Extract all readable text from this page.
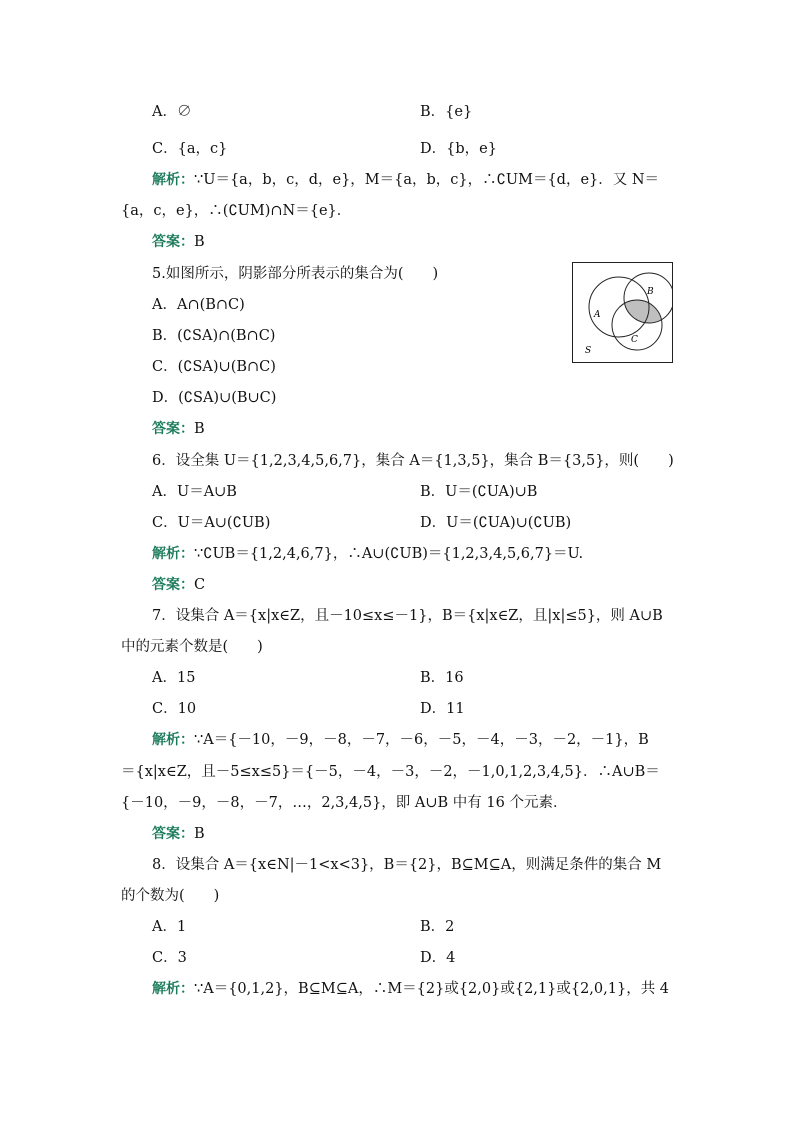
A．∅	B．{e}
C．{a，c}	D．{b，e}
解析：∵U＝{a，b，c，d，e}，M＝{a，b，c}，∴∁UM＝{d，e}．又 N＝
{a，c，e}，∴(∁UM)∩N＝{e}．
答案：B
5.如图所示，阴影部分所表示的集合为(　　)
A．A∩(B∩C)
B．(∁SA)∩(B∩C)
C．(∁SA)∪(B∩C)
D．(∁SA)∪(B∪C)
答案：B
A
B
C
S
6．设全集 U＝{1,2,3,4,5,6,7}，集合 A＝{1,3,5}，集合 B＝{3,5}，则(　　)
A．U＝A∪B	B．U＝(∁UA)∪B
C．U＝A∪(∁UB)	D．U＝(∁UA)∪(∁UB)
解析：∵∁UB＝{1,2,4,6,7}，∴A∪(∁UB)＝{1,2,3,4,5,6,7}＝U.
答案：C
7．设集合 A＝{x|x∈Z，且－10≤x≤－1}，B＝{x|x∈Z，且|x|≤5}，则 A∪B
中的元素个数是(　　)
A．15	B．16
C．10	D．11
解析：∵A＝{－10，－9，－8，－7，－6，－5，－4，－3，－2，－1}，B
＝{x|x∈Z，且－5≤x≤5}＝{－5，－4，－3，－2，－1,0,1,2,3,4,5}．∴A∪B＝
{－10，－9，－8，－7，…，2,3,4,5}，即 A∪B 中有 16 个元素．
答案：B
8．设集合 A＝{x∈N|－1<x<3}，B＝{2}，B⊆M⊆A，则满足条件的集合 M
的个数为(　　)
A．1	B．2
C．3	D．4
解析：∵A＝{0,1,2}，B⊆M⊆A，∴M＝{2}或{2,0}或{2,1}或{2,0,1}，共 4
